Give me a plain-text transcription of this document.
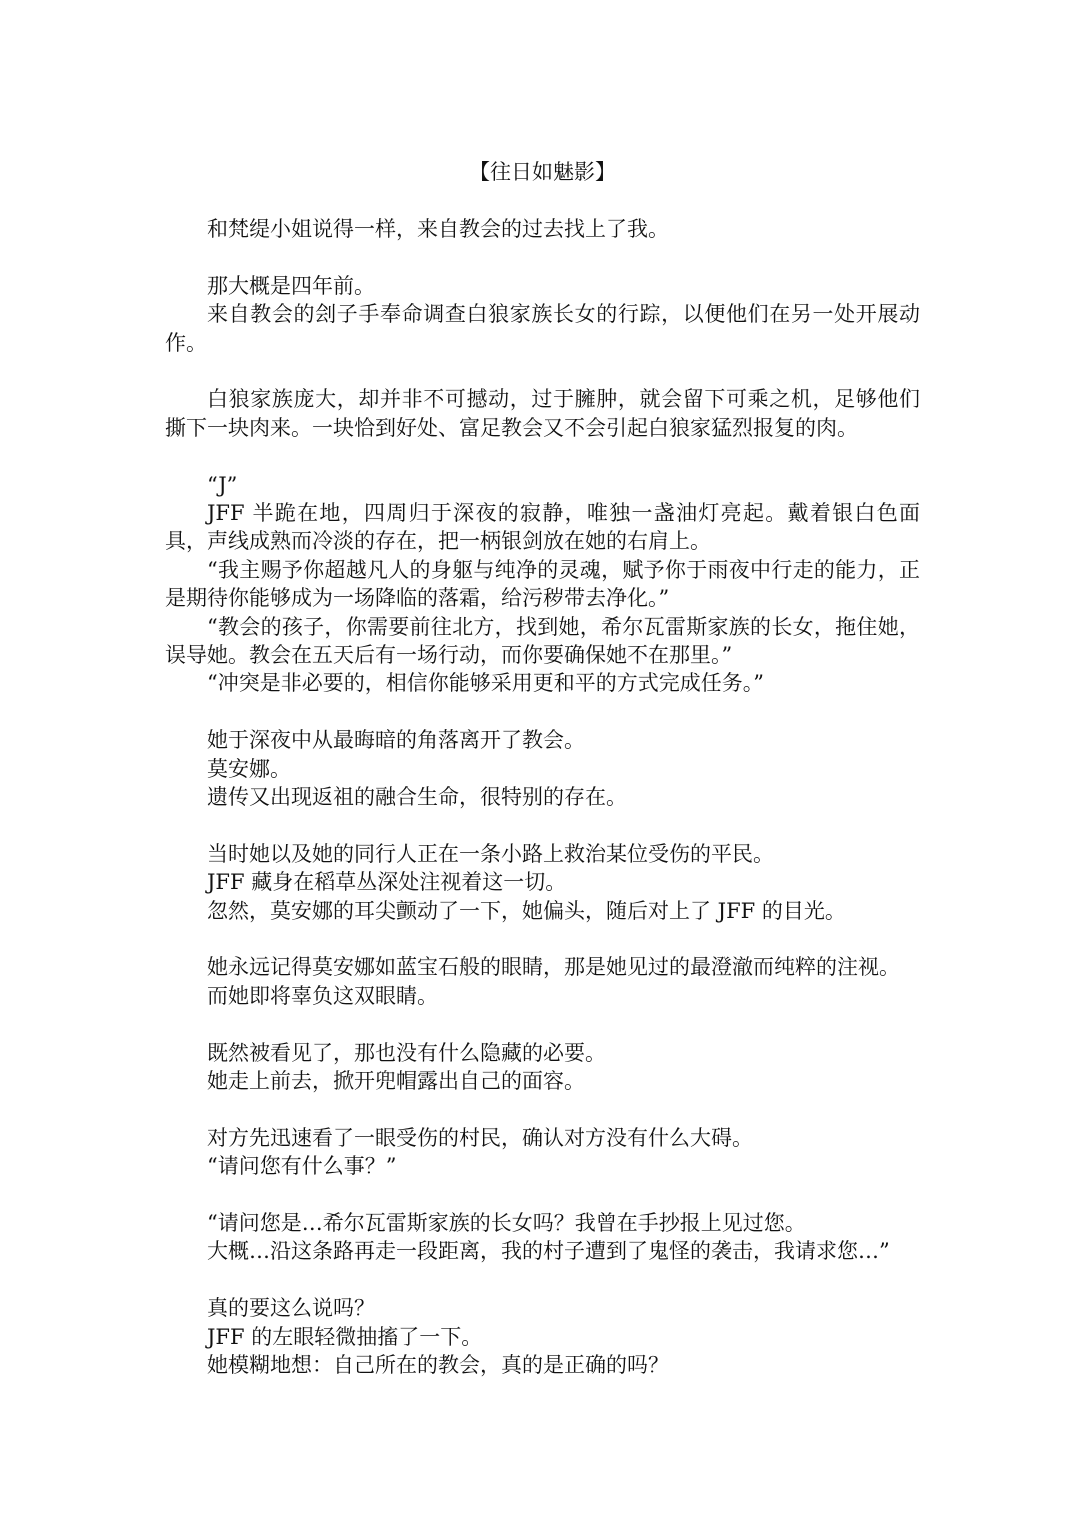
【往日如魅影】
和梵缇小姐说得一样，来自教会的过去找上了我。
那大概是四年前。
来自教会的刽子手奉命调查白狼家族长女的行踪，以便他们在另一处开展动作。
白狼家族庞大，却并非不可撼动，过于臃肿，就会留下可乘之机，足够他们撕下一块肉来。一块恰到好处、富足教会又不会引起白狼家猛烈报复的肉。
“J”
JFF 半跪在地，四周归于深夜的寂静，唯独一盏油灯亮起。戴着银白色面具，声线成熟而冷淡的存在，把一柄银剑放在她的右肩上。
“我主赐予你超越凡人的身躯与纯净的灵魂，赋予你于雨夜中行走的能力，正是期待你能够成为一场降临的落霜，给污秽带去净化。”
“教会的孩子，你需要前往北方，找到她，希尔瓦雷斯家族的长女，拖住她，误导她。教会在五天后有一场行动，而你要确保她不在那里。”
“冲突是非必要的，相信你能够采用更和平的方式完成任务。”
她于深夜中从最晦暗的角落离开了教会。
莫安娜。
遗传又出现返祖的融合生命，很特别的存在。
当时她以及她的同行人正在一条小路上救治某位受伤的平民。
JFF 藏身在稻草丛深处注视着这一切。
忽然，莫安娜的耳尖颤动了一下，她偏头，随后对上了 JFF 的目光。
她永远记得莫安娜如蓝宝石般的眼睛，那是她见过的最澄澈而纯粹的注视。
而她即将辜负这双眼睛。
既然被看见了，那也没有什么隐藏的必要。
她走上前去，掀开兜帽露出自己的面容。
对方先迅速看了一眼受伤的村民，确认对方没有什么大碍。
“请问您有什么事？”
“请问您是…希尔瓦雷斯家族的长女吗？我曾在手抄报上见过您。
大概…沿这条路再走一段距离，我的村子遭到了鬼怪的袭击，我请求您…”
真的要这么说吗？
JFF 的左眼轻微抽搐了一下。
她模糊地想：自己所在的教会，真的是正确的吗？
